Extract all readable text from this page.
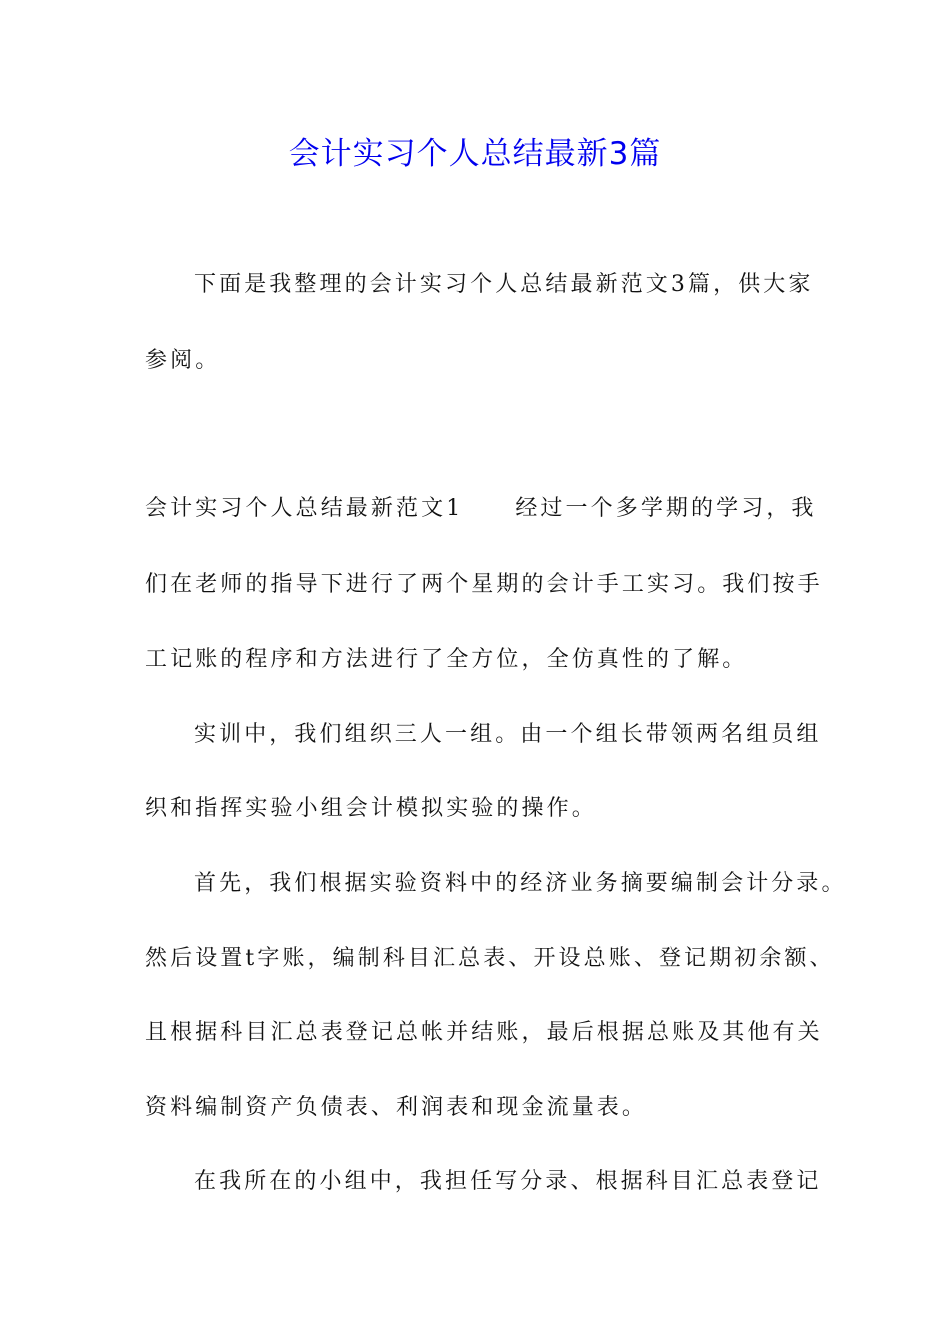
会计实习个人总结最新3篇

下面是我整理的会计实习个人总结最新范文3篇，供大家

参阅。

会计实习个人总结最新范文1 经过一个多学期的学习，我

们在老师的指导下进行了两个星期的会计手工实习。我们按手

工记账的程序和方法进行了全方位，全仿真性的了解。

实训中，我们组织三人一组。由一个组长带领两名组员组

织和指挥实验小组会计模拟实验的操作。

首先，我们根据实验资料中的经济业务摘要编制会计分录。

然后设置t字账，编制科目汇总表、开设总账、登记期初余额、

且根据科目汇总表登记总帐并结账，最后根据总账及其他有关

资料编制资产负债表、利润表和现金流量表。

在我所在的小组中，我担任写分录、根据科目汇总表登记
